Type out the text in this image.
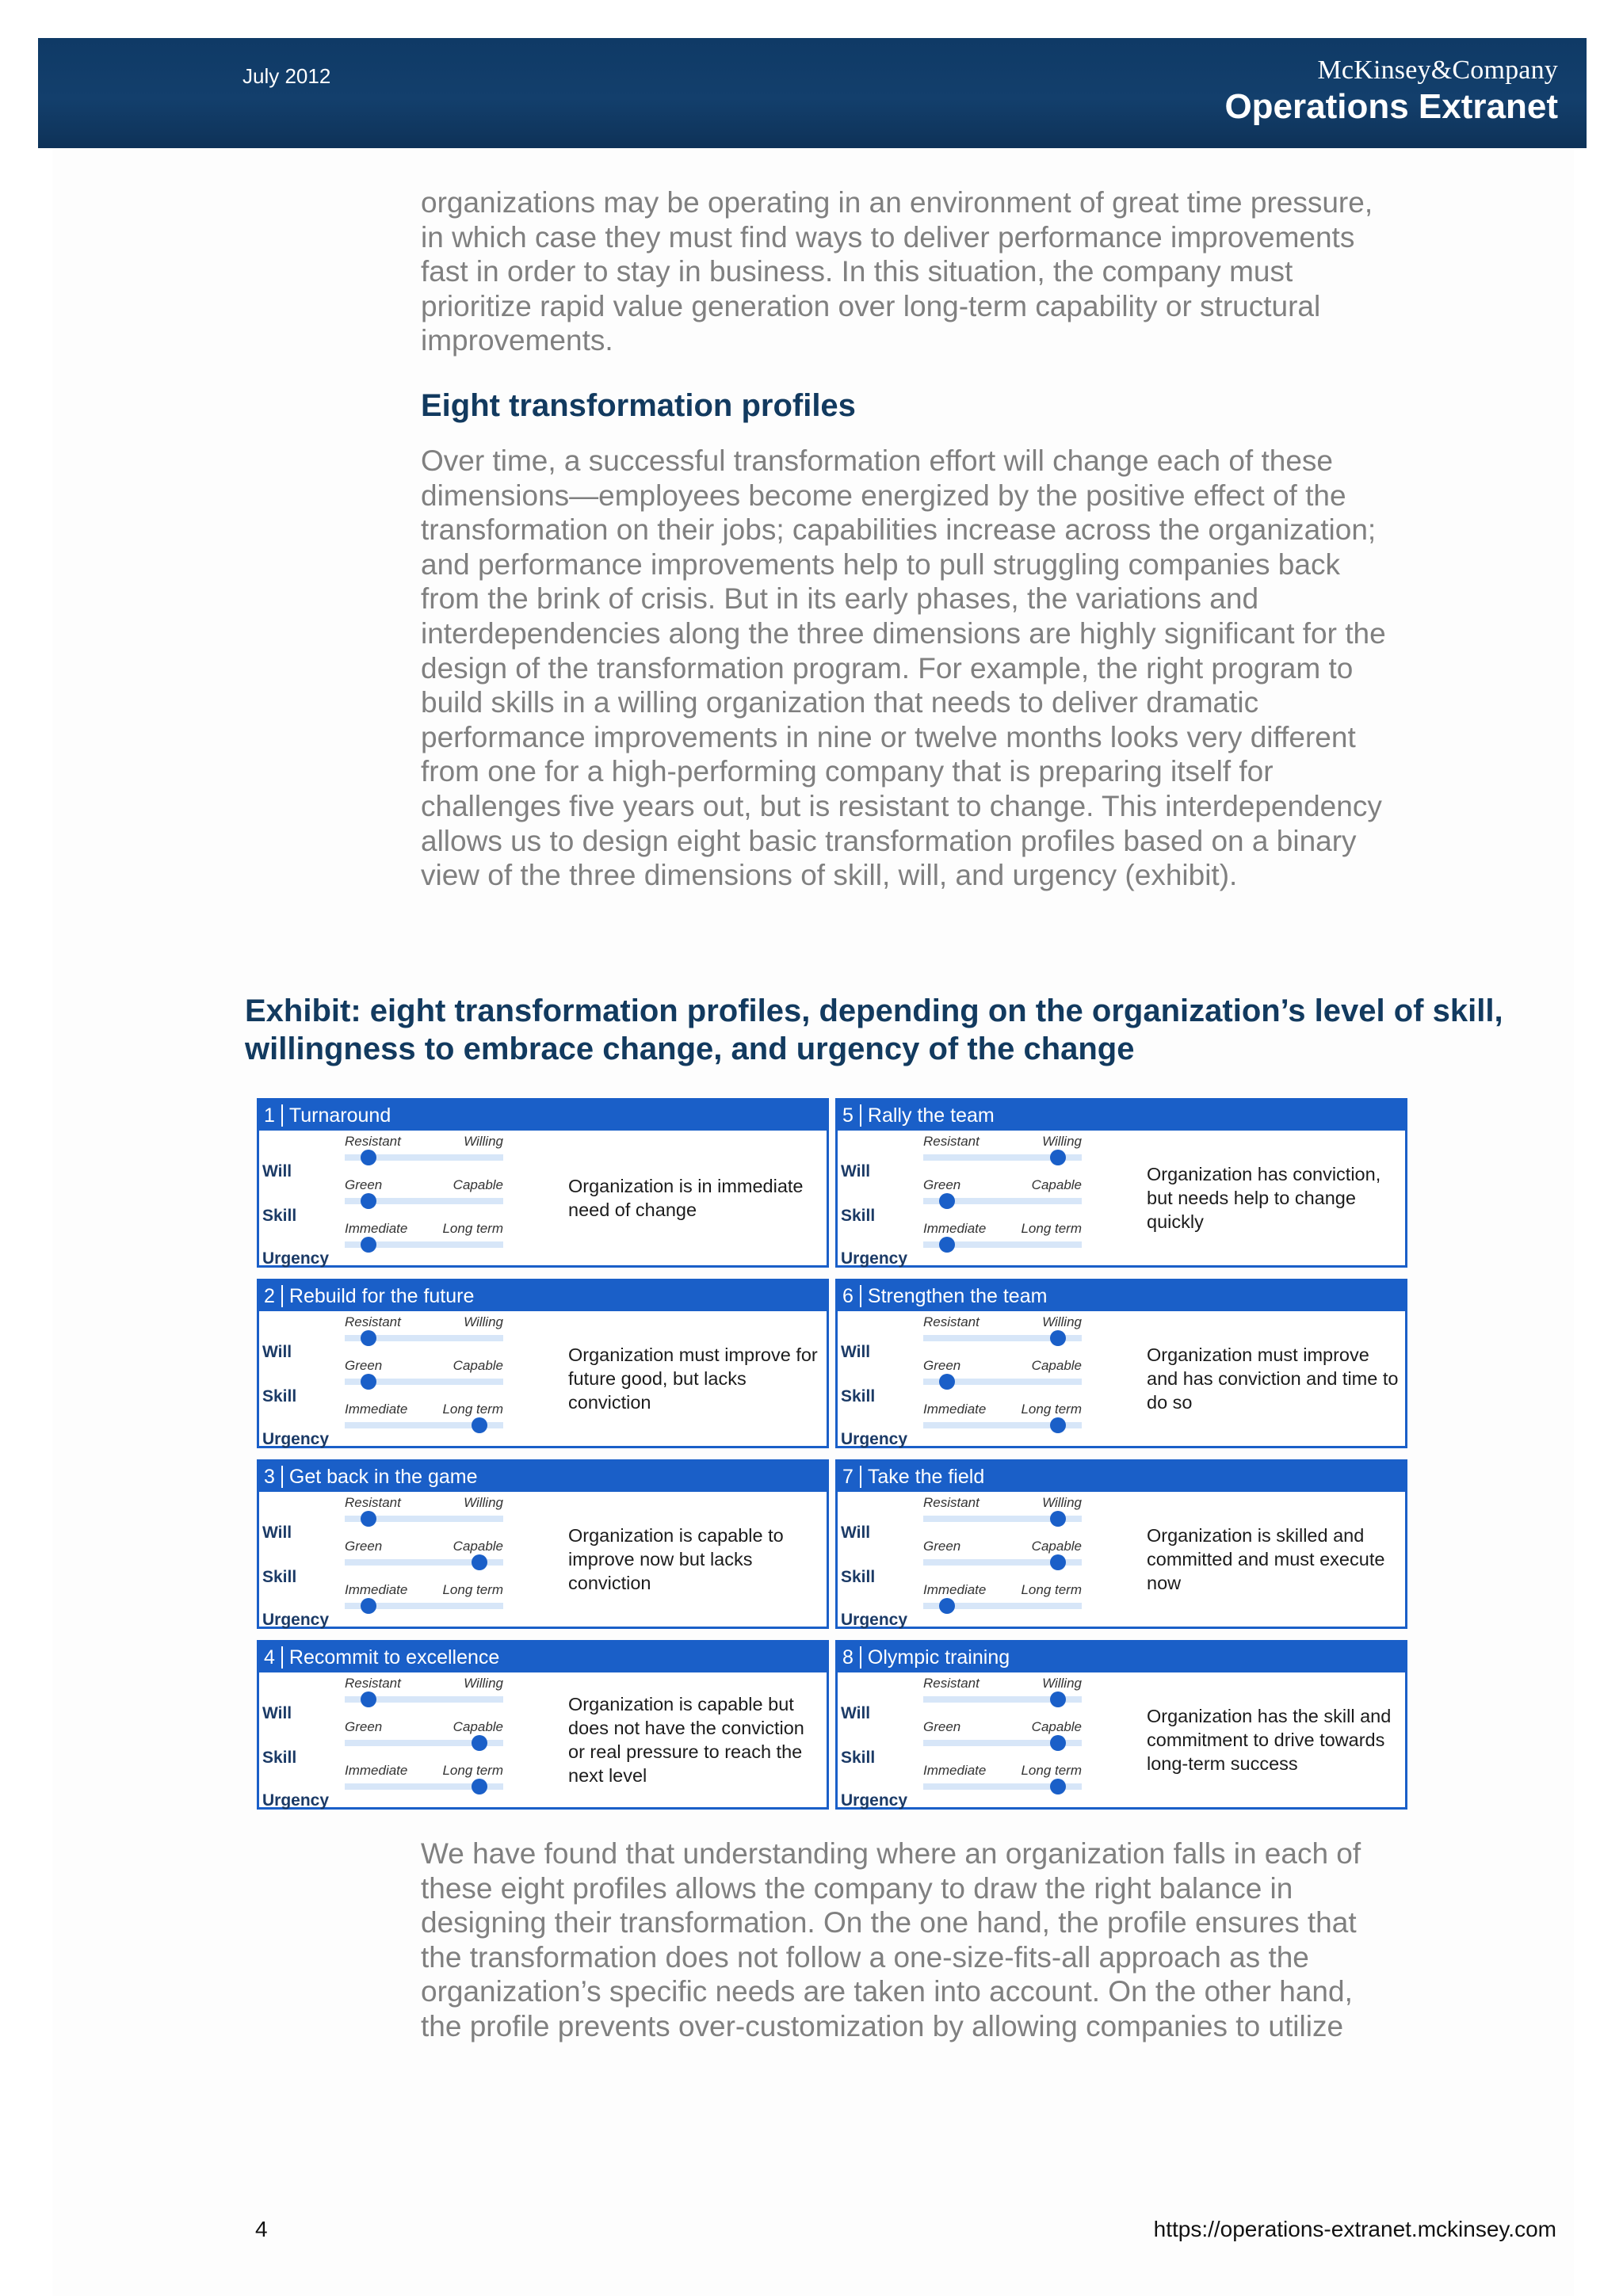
July 2012	McKinsey&Company
Operations Extranet
organizations may be operating in an environment of great time pressure, in which case they must find ways to deliver performance improvements fast in order to stay in business. In this situation, the company must prioritize rapid value generation over long-term capability or structural improvements.
Eight transformation profiles
Over time, a successful transformation effort will change each of these dimensions—employees become energized by the positive effect of the transformation on their jobs; capabilities increase across the organization; and performance improvements help to pull struggling companies back from the brink of crisis. But in its early phases, the variations and interdependencies along the three dimensions are highly significant for the design of the transformation program. For example, the right program to build skills in a willing organization that needs to deliver dramatic performance improvements in nine or twelve months looks very different from one for a high-performing company that is preparing itself for challenges five years out, but is resistant to change. This interdependency allows us to design eight basic transformation profiles based on a binary view of the three dimensions of skill, will, and urgency (exhibit).
Exhibit: eight transformation profiles, depending on the organization’s level of skill, willingness to embrace change, and urgency of the change
1 Turnaround
Will
Resistant	Willing
Skill
Green	Capable
Urgency
Immediate	Long term
Organization is in immediate need of change
2 Rebuild for the future
Will
Resistant	Willing
Skill
Green	Capable
Urgency
Immediate	Long term
Organization must improve for future good, but lacks conviction
3 Get back in the game
Will
Resistant	Willing
Skill
Green	Capable
Urgency
Immediate	Long term
Organization is capable to improve now but lacks conviction
4 Recommit to excellence
Will
Resistant	Willing
Skill
Green	Capable
Urgency
Immediate	Long term
Organization is capable but does not have the conviction or real pressure to reach the next level
5 Rally the team
Will
Resistant	Willing
Skill
Green	Capable
Urgency
Immediate	Long term
Organization has conviction, but needs help to change quickly
6 Strengthen the team
Will
Resistant	Willing
Skill
Green	Capable
Urgency
Immediate	Long term
Organization must improve and has conviction and time to do so
7 Take the field
Will
Resistant	Willing
Skill
Green	Capable
Urgency
Immediate	Long term
Organization is skilled and committed and must execute now
8 Olympic training
Will
Resistant	Willing
Skill
Green	Capable
Urgency
Immediate	Long term
Organization has the skill and commitment to drive towards long-term success
We have found that understanding where an organization falls in each of these eight profiles allows the company to draw the right balance in designing their transformation. On the one hand, the profile ensures that the transformation does not follow a one-size-fits-all approach as the organization’s specific needs are taken into account. On the other hand, the profile prevents over-customization by allowing companies to utilize
4	https://operations-extranet.mckinsey.com
